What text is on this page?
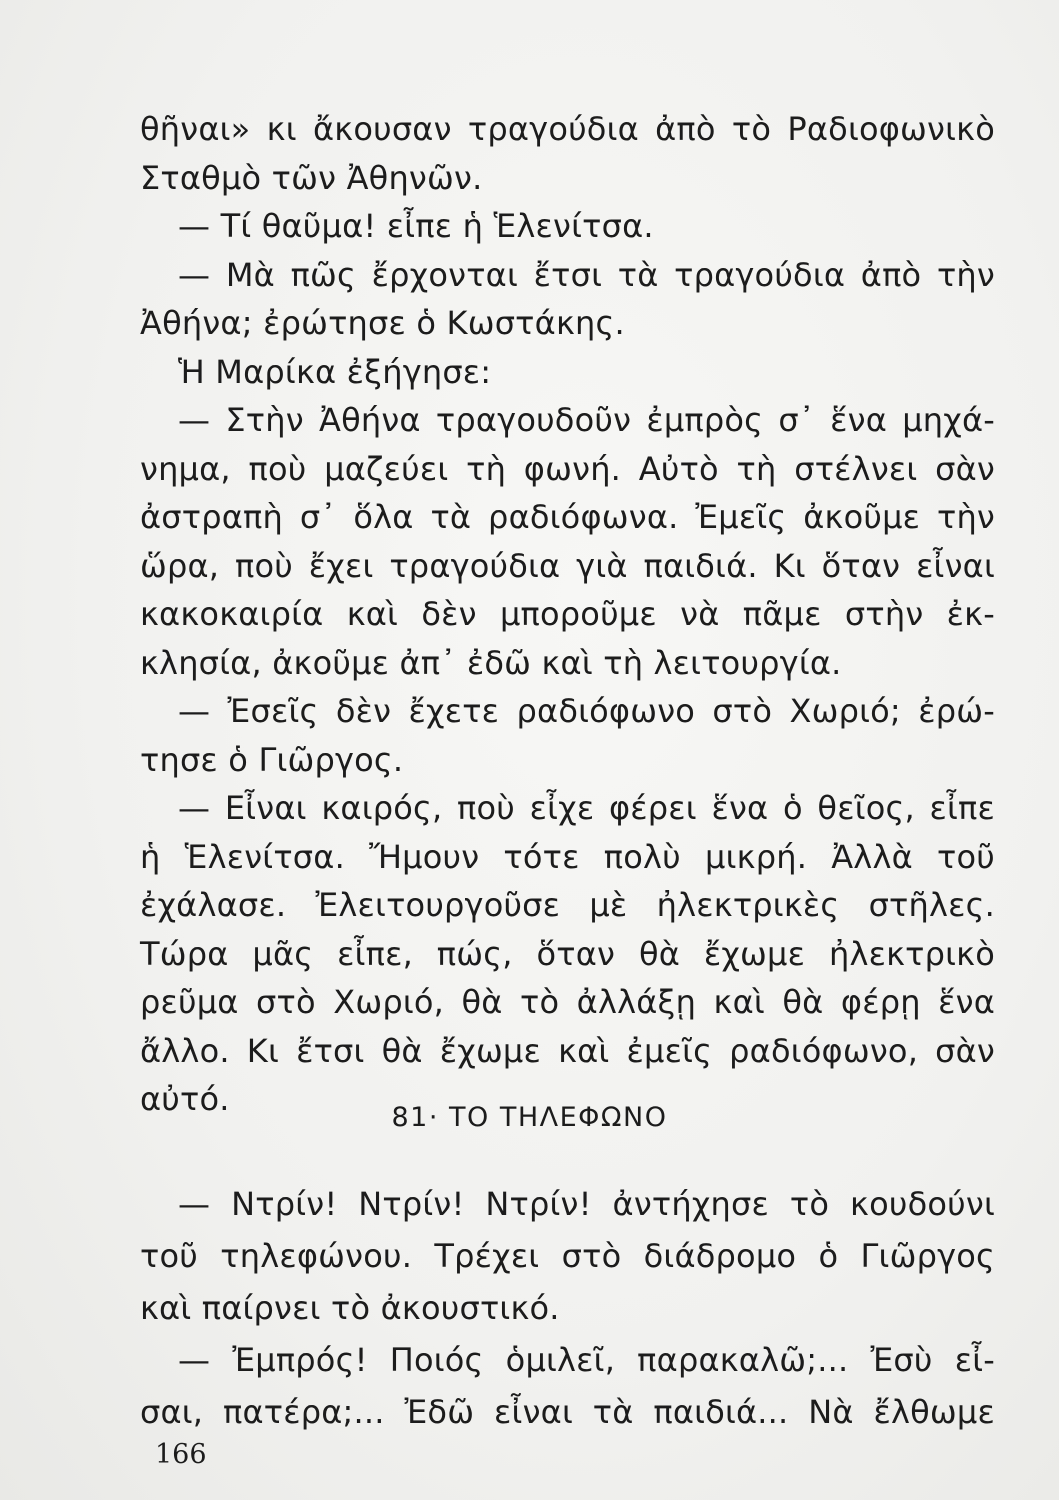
θῆναι» κι ἄκουσαν τραγούδια ἀπὸ τὸ Ραδιοφωνικὸ
Σταθμὸ τῶν Ἀθηνῶν.
— Τί θαῦμα! εἶπε ἡ Ἑλενίτσα.
— Μὰ πῶς ἔρχονται ἔτσι τὰ τραγούδια ἀπὸ τὴν
Ἀθήνα; ἐρώτησε ὁ Κωστάκης.
Ἡ Μαρίκα ἐξήγησε:
— Στὴν Ἀθήνα τραγουδοῦν ἐμπρὸς σ᾽ ἕνα μηχά-
νημα, ποὺ μαζεύει τὴ φωνή. Αὐτὸ τὴ στέλνει σὰν
ἀστραπὴ σ᾽ ὅλα τὰ ραδιόφωνα. Ἐμεῖς ἀκοῦμε τὴν
ὥρα, ποὺ ἔχει τραγούδια γιὰ παιδιά. Κι ὅταν εἶναι
κακοκαιρία καὶ δὲν μποροῦμε νὰ πᾶμε στὴν ἐκ-
κλησία, ἀκοῦμε ἀπ᾽ ἐδῶ καὶ τὴ λειτουργία.
— Ἐσεῖς δὲν ἔχετε ραδιόφωνο στὸ Χωριό; ἐρώ-
τησε ὁ Γιῶργος.
— Εἶναι καιρός, ποὺ εἶχε φέρει ἕνα ὁ θεῖος, εἶπε
ἡ Ἑλενίτσα. Ἤμουν τότε πολὺ μικρή. Ἀλλὰ τοῦ
ἐχάλασε. Ἐλειτουργοῦσε μὲ ἠλεκτρικὲς στῆλες.
Τώρα μᾶς εἶπε, πώς, ὅταν θὰ ἔχωμε ἠλεκτρικὸ
ρεῦμα στὸ Χωριό, θὰ τὸ ἀλλάξῃ καὶ θὰ φέρῃ ἕνα
ἄλλο. Κι ἔτσι θὰ ἔχωμε καὶ ἐμεῖς ραδιόφωνο, σὰν
αὐτό.	81· ΤΟ ΤΗΛΕΦΩΝΟ
— Ντρίν! Ντρίν! Ντρίν! ἀντήχησε τὸ κουδούνι
τοῦ τηλεφώνου. Τρέχει στὸ διάδρομο ὁ Γιῶργος
καὶ παίρνει τὸ ἀκουστικό.
166
— Ἐμπρός! Ποιός ὁμιλεῖ, παρακαλῶ;... Ἐσὺ εἶ-
σαι, πατέρα;... Ἐδῶ εἶναι τὰ παιδιά... Νὰ ἔλθωμε
